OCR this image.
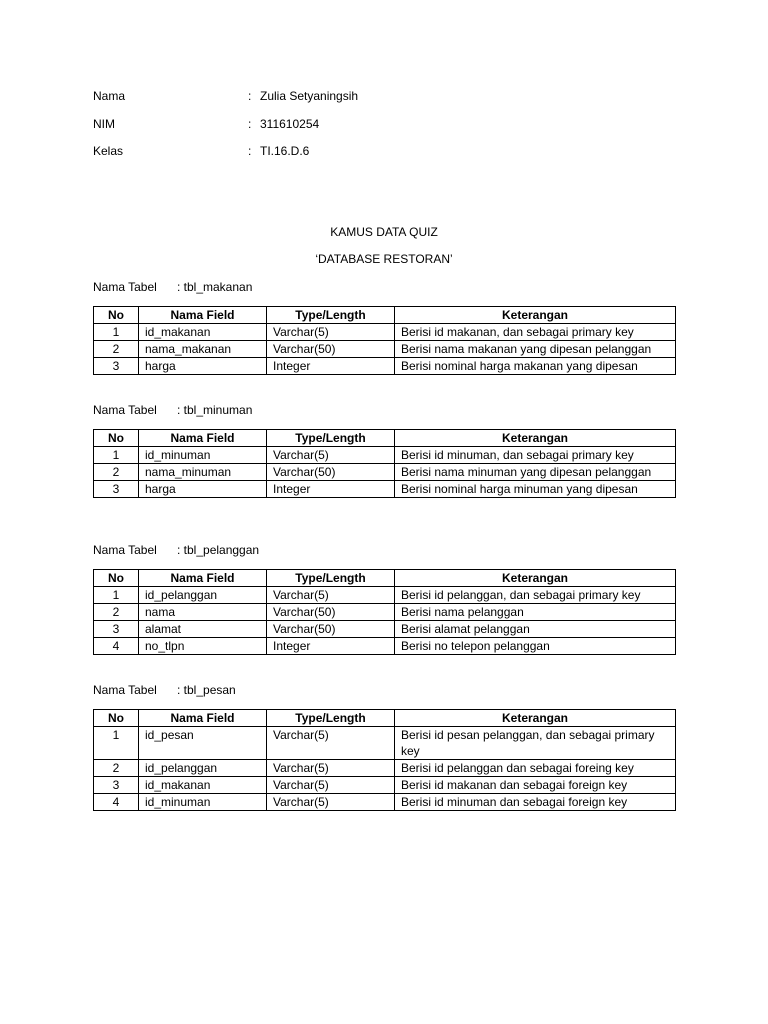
Nama	: Zulia Setyaningsih
NIM	: 311610254
Kelas	: TI.16.D.6
KAMUS DATA QUIZ
‘DATABASE RESTORAN’
Nama Tabel	: tbl_makanan
No	Nama Field	Type/Length	Keterangan
1	id_makanan	Varchar(5)	Berisi id makanan, dan sebagai primary key
2	nama_makanan	Varchar(50)	Berisi nama makanan yang dipesan pelanggan
3	harga	Integer	Berisi nominal harga makanan yang dipesan
Nama Tabel	: tbl_minuman
No	Nama Field	Type/Length	Keterangan
1	id_minuman	Varchar(5)	Berisi id minuman, dan sebagai primary key
2	nama_minuman	Varchar(50)	Berisi nama minuman yang dipesan pelanggan
3	harga	Integer	Berisi nominal harga minuman yang dipesan
Nama Tabel	: tbl_pelanggan
No	Nama Field	Type/Length	Keterangan
1	id_pelanggan	Varchar(5)	Berisi id pelanggan, dan sebagai primary key
2	nama	Varchar(50)	Berisi nama pelanggan
3	alamat	Varchar(50)	Berisi alamat pelanggan
4	no_tlpn	Integer	Berisi no telepon pelanggan
Nama Tabel	: tbl_pesan
No	Nama Field	Type/Length	Keterangan
1	id_pesan	Varchar(5)	Berisi id pesan pelanggan, dan sebagai primary key
2	id_pelanggan	Varchar(5)	Berisi id pelanggan dan sebagai foreing key
3	id_makanan	Varchar(5)	Berisi id makanan dan sebagai foreign key
4	id_minuman	Varchar(5)	Berisi id minuman dan sebagai foreign key
